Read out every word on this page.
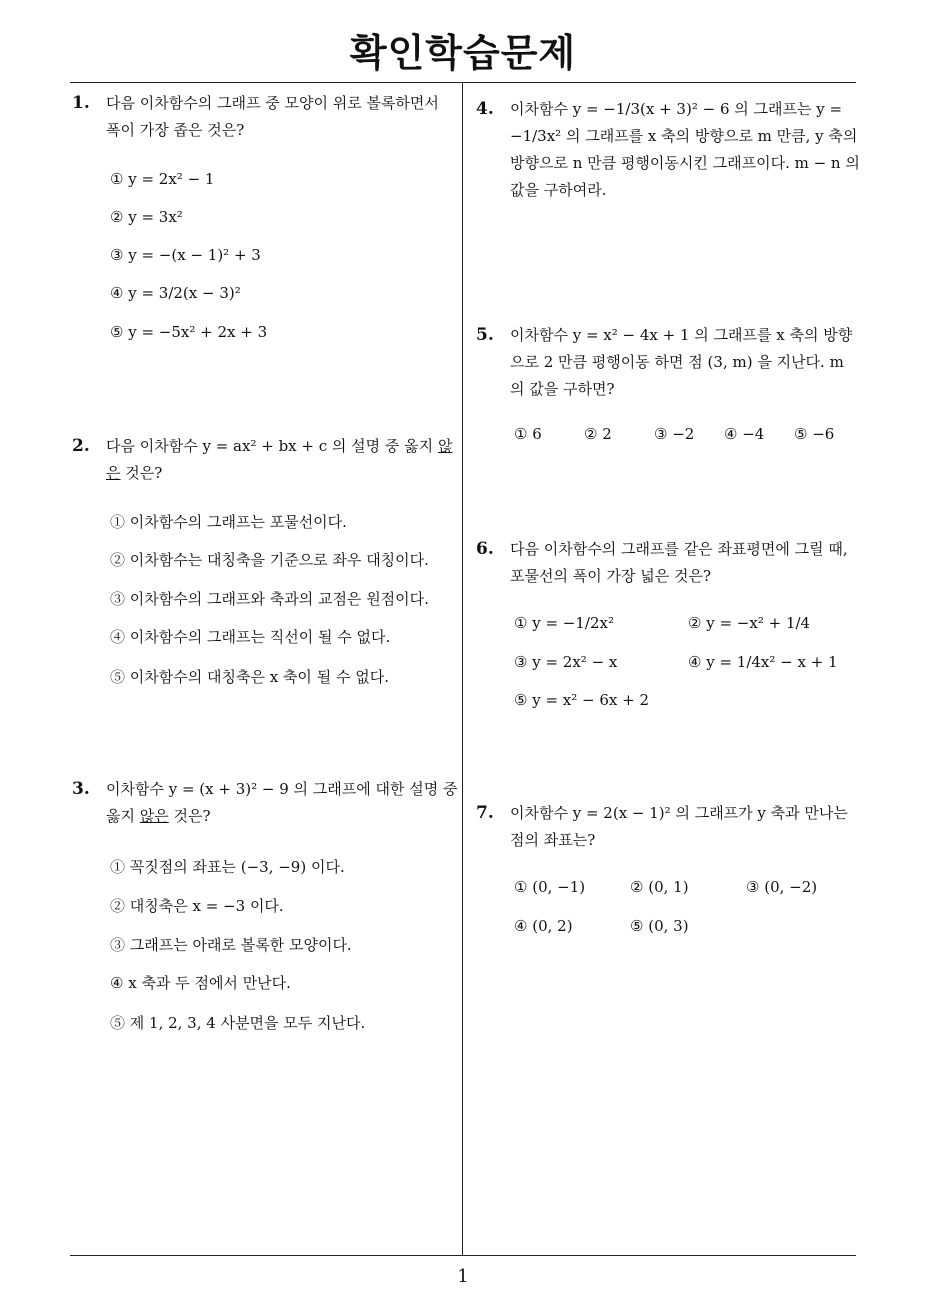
확인학습문제
1
1. 다음 이차함수의 그래프 중 모양이 위로 볼록하면서 폭이 가장 좁은 것은?
① y = 2x² − 1
② y = 3x²
③ y = −(x − 1)² + 3
④ y = 3/2(x − 3)²
⑤ y = −5x² + 2x + 3
2. 다음 이차함수 y = ax² + bx + c 의 설명 중 옳지 않은 것은?
① 이차함수의 그래프는 포물선이다.
② 이차함수는 대칭축을 기준으로 좌우 대칭이다.
③ 이차함수의 그래프와 축과의 교점은 원점이다.
④ 이차함수의 그래프는 직선이 될 수 없다.
⑤ 이차함수의 대칭축은 x 축이 될 수 없다.
3. 이차함수 y = (x + 3)² − 9 의 그래프에 대한 설명 중 옳지 않은 것은?
① 꼭짓점의 좌표는 (−3, −9) 이다.
② 대칭축은 x = −3 이다.
③ 그래프는 아래로 볼록한 모양이다.
④ x 축과 두 점에서 만난다.
⑤ 제 1, 2, 3, 4 사분면을 모두 지난다.
4. 이차함수 y = −1/3(x + 3)² − 6 의 그래프는 y = −1/3x² 의 그래프를 x 축의 방향으로 m 만큼, y 축의 방향으로 n 만큼 평행이동시킨 그래프이다. m − n 의 값을 구하여라.
5. 이차함수 y = x² − 4x + 1 의 그래프를 x 축의 방향으로 2 만큼 평행이동 하면 점 (3, m) 을 지난다. m 의 값을 구하면?
① 6	② 2	③ −2 ④ −4 ⑤ −6
6. 다음 이차함수의 그래프를 같은 좌표평면에 그릴 때, 포물선의 폭이 가장 넓은 것은?
① y = −1/2x²	② y = −x² + 1/4
③ y = 2x² − x	④ y = 1/4x² − x + 1
⑤ y = x² − 6x + 2
7. 이차함수 y = 2(x − 1)² 의 그래프가 y 축과 만나는 점의 좌표는?
① (0, −1)	② (0, 1)	③ (0, −2)
④ (0, 2)	⑤ (0, 3)
